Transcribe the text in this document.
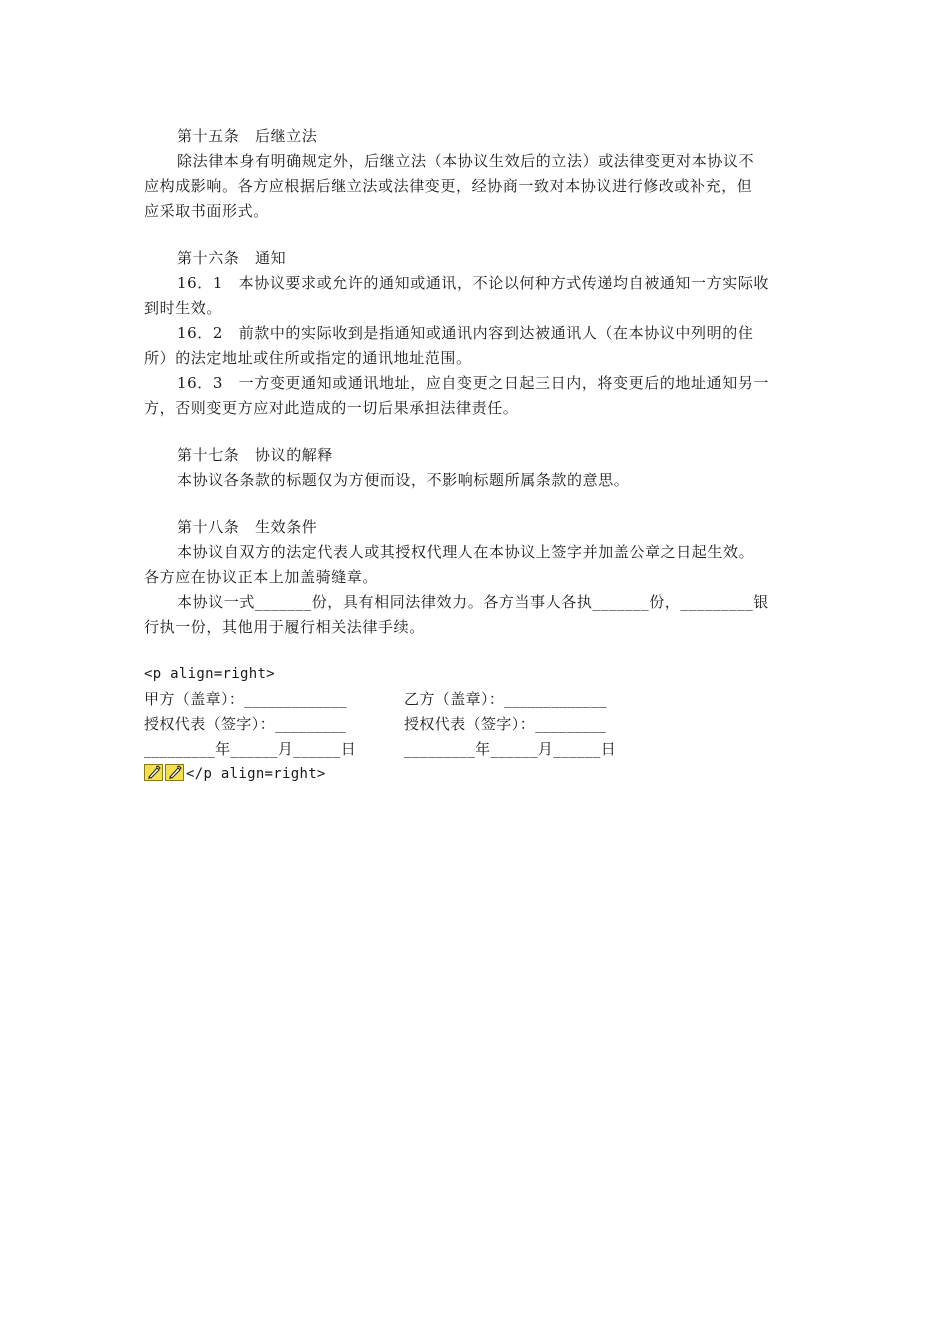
第十五条　后继立法
除法律本身有明确规定外，后继立法（本协议生效后的立法）或法律变更对本协议不
应构成影响。各方应根据后继立法或法律变更，经协商一致对本协议进行修改或补充，但
应采取书面形式。
第十六条　通知
16．1　本协议要求或允许的通知或通讯，不论以何种方式传递均自被通知一方实际收
到时生效。
16．2　前款中的实际收到是指通知或通讯内容到达被通讯人（在本协议中列明的住
所）的法定地址或住所或指定的通讯地址范围。
16．3　一方变更通知或通讯地址，应自变更之日起三日内，将变更后的地址通知另一
方，否则变更方应对此造成的一切后果承担法律责任。
第十七条　协议的解释
本协议各条款的标题仅为方便而设，不影响标题所属条款的意思。
第十八条　生效条件
本协议自双方的法定代表人或其授权代理人在本协议上签字并加盖公章之日起生效。
各方应在协议正本上加盖骑缝章。
本协议一式_______份，具有相同法律效力。各方当事人各执_______份，_________银
行执一份，其他用于履行相关法律手续。
<p align=right>
甲方（盖章）：_____________	乙方（盖章）：_____________
授权代表（签字）：_________	授权代表（签字）：_________
_________年______月______日	_________年______月______日
</p align=right>
